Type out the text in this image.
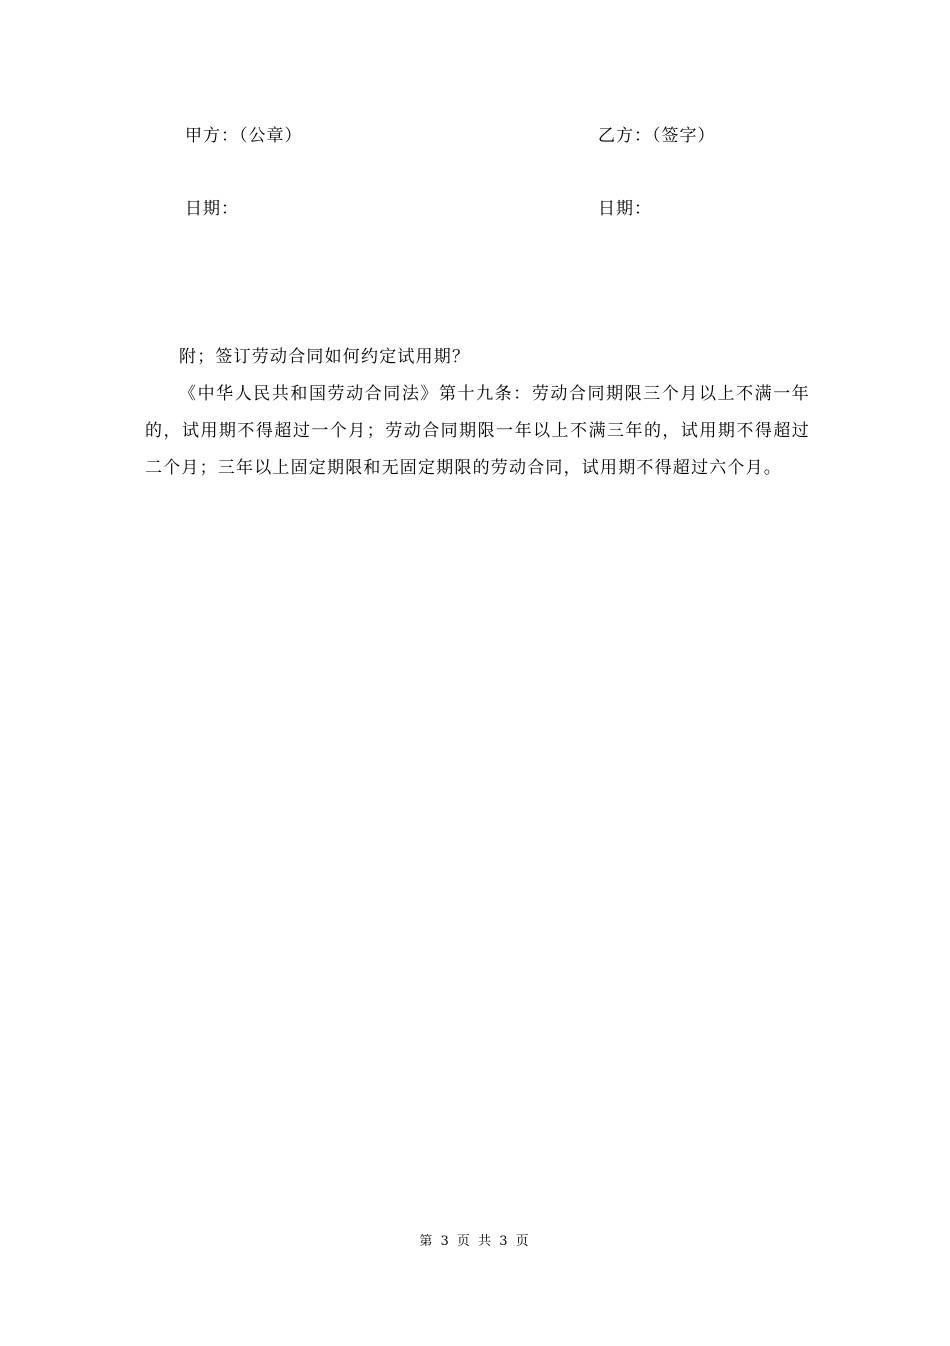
甲方：（公章）	乙方：（签字）
日期：	日期：

附；签订劳动合同如何约定试用期？

《中华人民共和国劳动合同法》第十九条：劳动合同期限三个月以上不满一年的，试用期不得超过一个月；劳动合同期限一年以上不满三年的，试用期不得超过二个月；三年以上固定期限和无固定期限的劳动合同，试用期不得超过六个月。

第 3 页 共 3 页
